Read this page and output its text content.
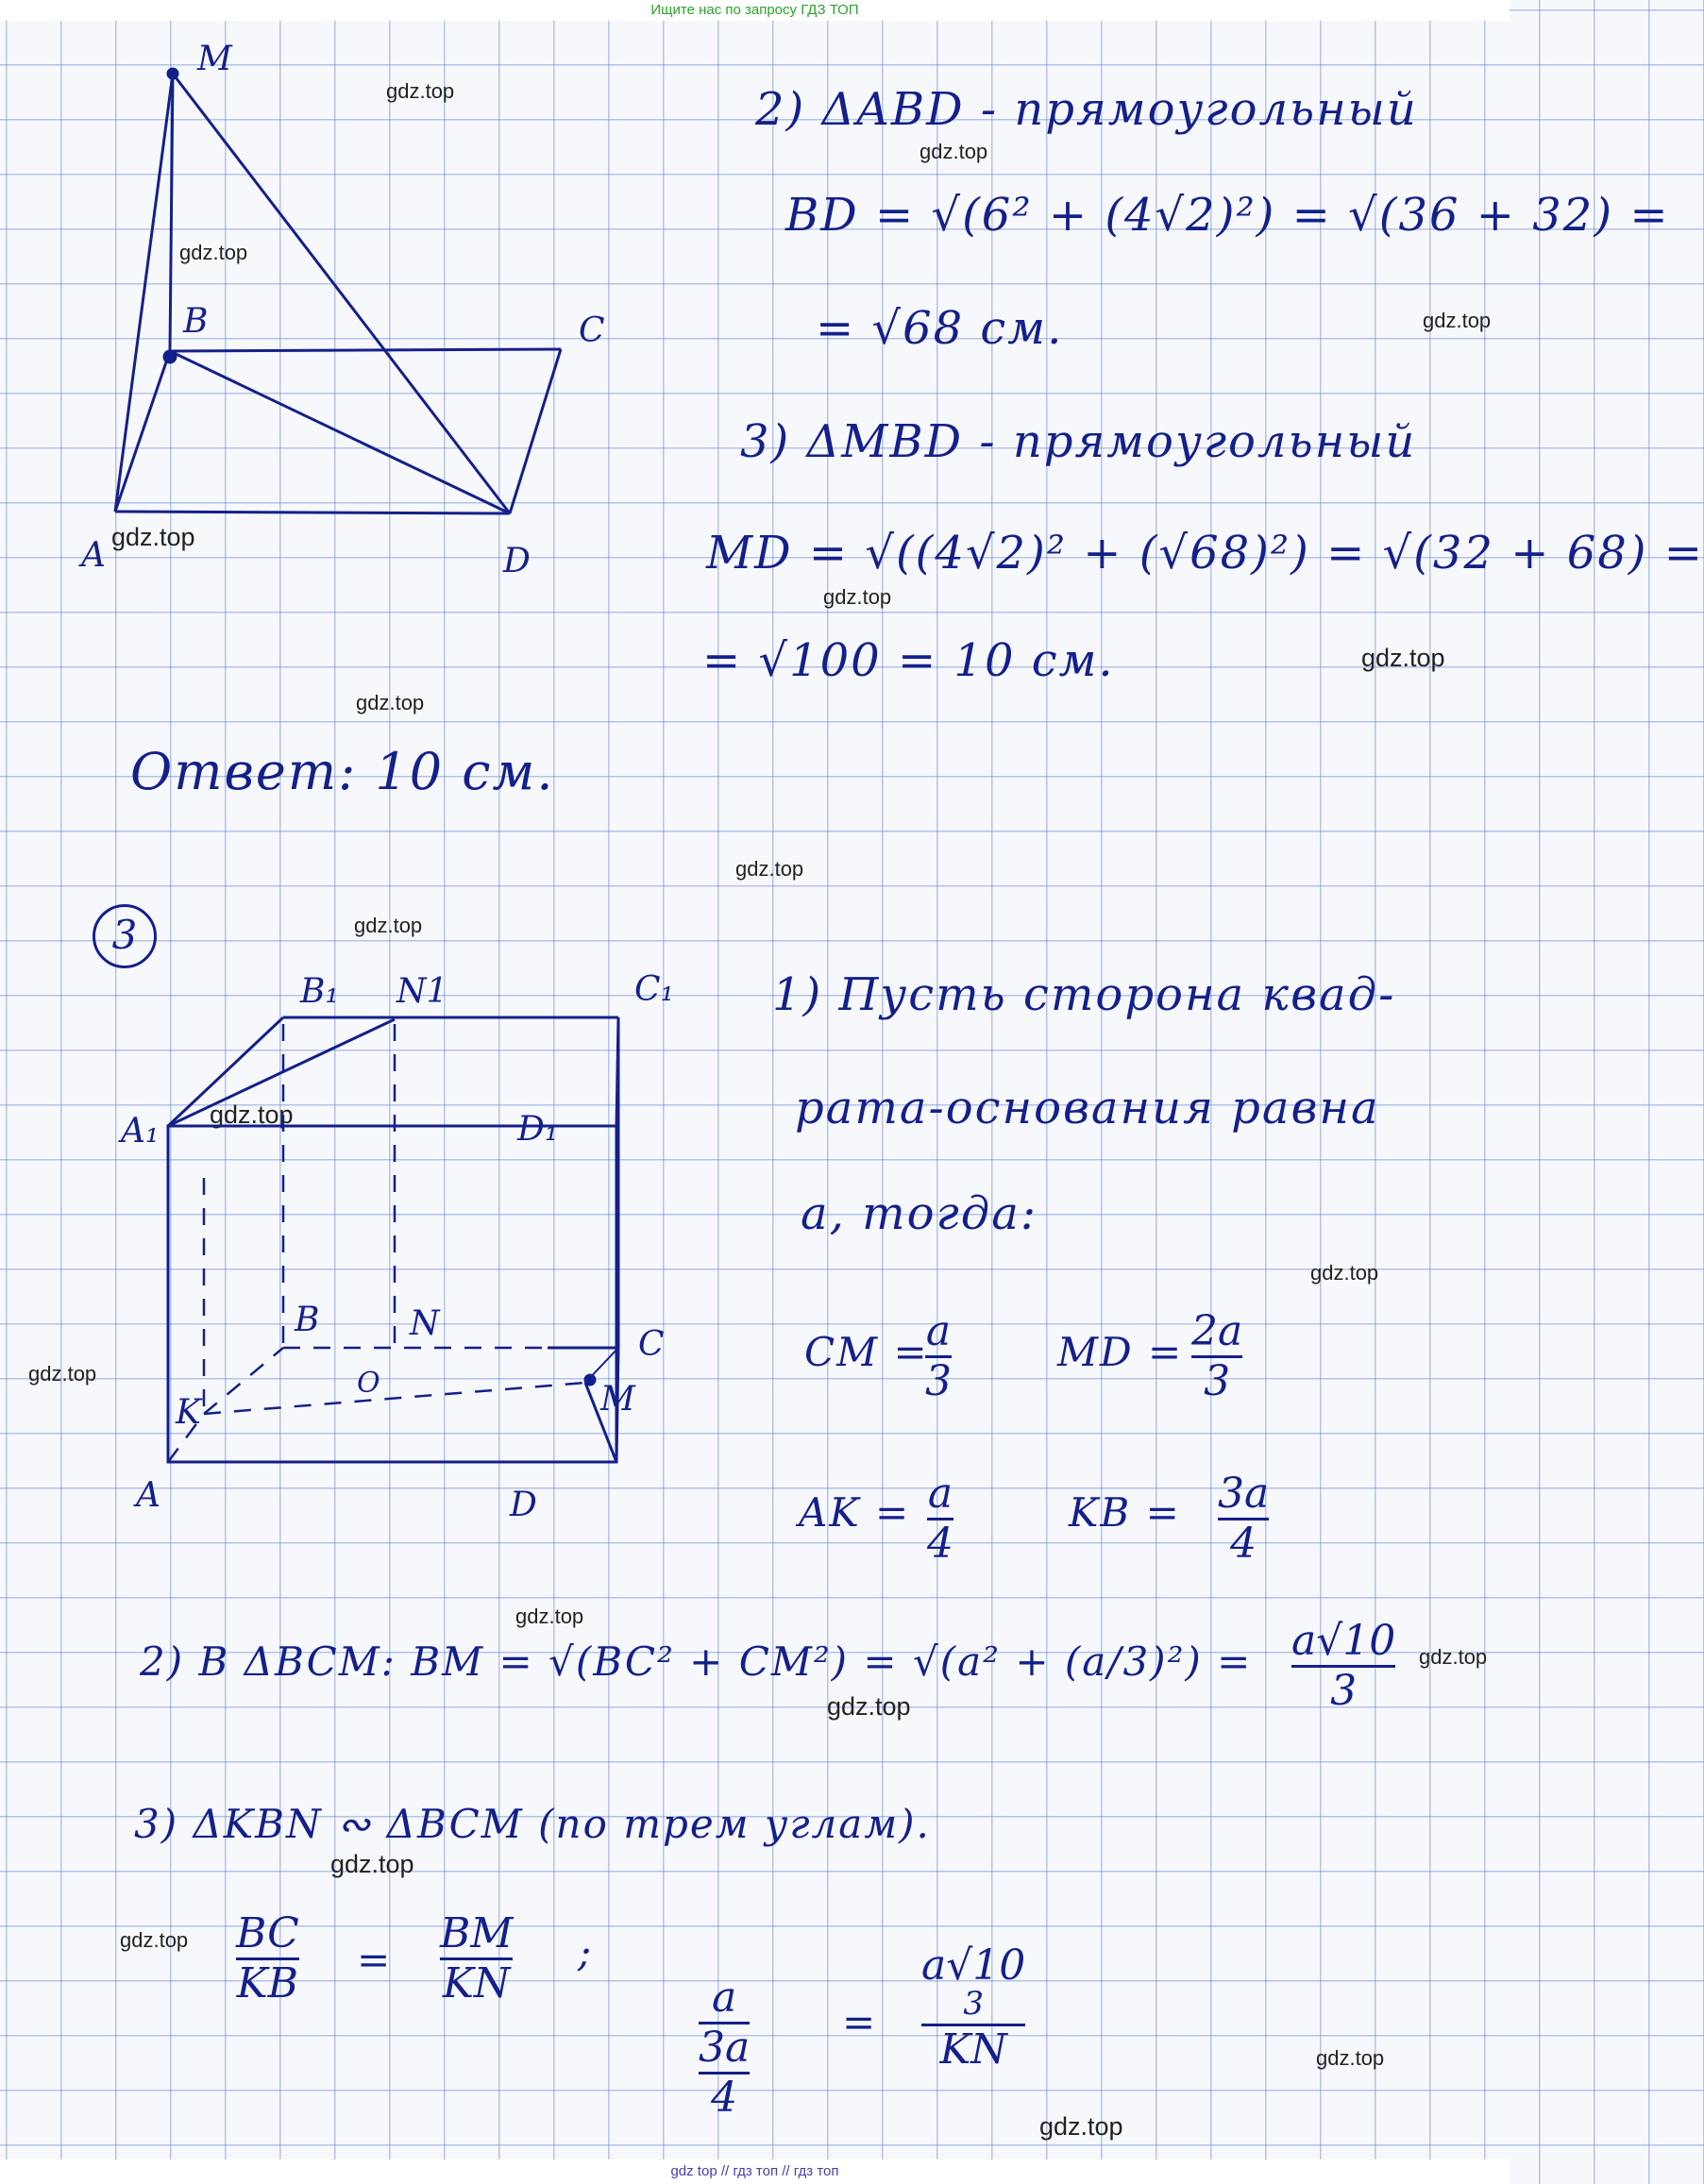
Ищите нас по запросу ГДЗ ТОП
gdz.top
gdz.top
gdz.top
gdz.top
gdz.top
gdz.top
gdz.top
gdz.top
gdz.top
gdz.top
gdz.top
gdz.top
gdz.top
gdz.top
gdz.top
gdz.top
gdz.top
gdz.top
gdz.top
gdz.top
M
B	C
A	D
2) ΔABD - прямоугольный
BD = √(6² + (4√2)²) = √(36 + 32) =
= √68 см.
3) ΔMBD - прямоугольный
MD = √((4√2)² + (√68)²) = √(32 + 68) =
= √100 = 10 см.
Ответ: 10 см.
3
B₁ N1	C₁
A₁	D₁
B	N
C
O
K	M
A	D
1) Пусть сторона квад-
рата-основания равна
a, тогда:
CM =
a
3
MD = 2a
3
AK = a
4
KB = 3a
4
2) В ΔBCM: BM = √(BC² + CM²) = √(a² + (a/3)²) = a√10
3
3) ΔKBN ∾ ΔBCM (по трем углам).
BC
KB =
BM
KN
;
a
3a
4
=
a√10
3
KN
gdz top // гдз топ // гдз топ
